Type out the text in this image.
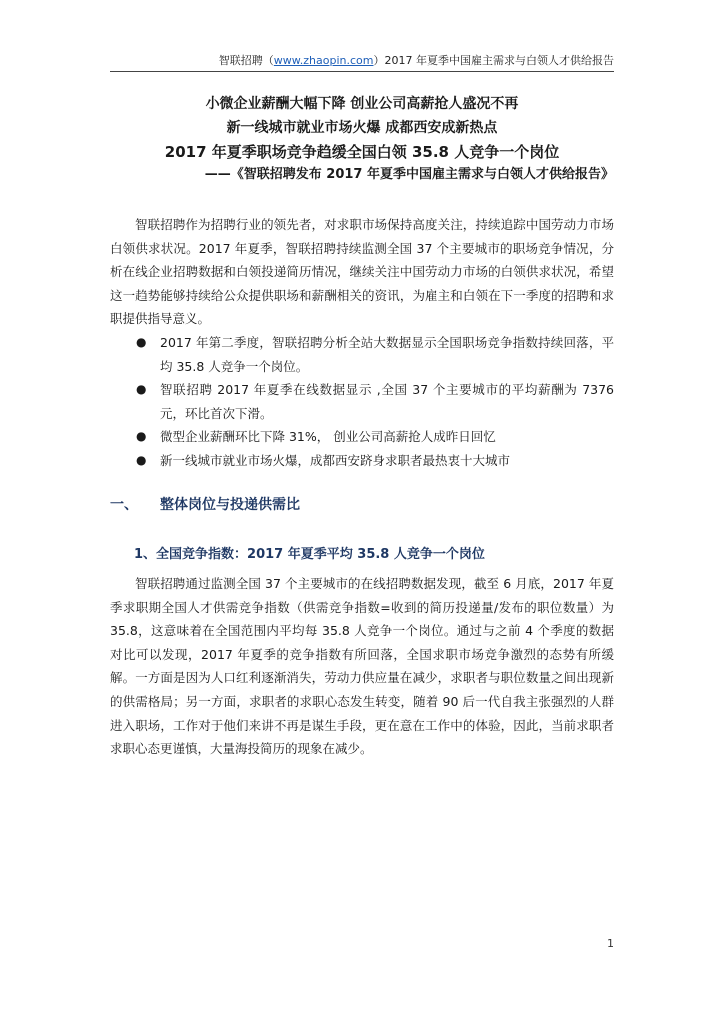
智联招聘（www.zhaopin.com）2017 年夏季中国雇主需求与白领人才供给报告
小微企业薪酬大幅下降 创业公司高薪抢人盛况不再
新一线城市就业市场火爆 成都西安成新热点
2017 年夏季职场竞争趋缓全国白领 35.8 人竞争一个岗位
——《智联招聘发布 2017 年夏季中国雇主需求与白领人才供给报告》

智联招聘作为招聘行业的领先者，对求职市场保持高度关注，持续追踪中国劳动力市场白领供求状况。2017 年夏季，智联招聘持续监测全国 37 个主要城市的职场竞争情况，分析在线企业招聘数据和白领投递简历情况，继续关注中国劳动力市场的白领供求状况，希望这一趋势能够持续给公众提供职场和薪酬相关的资讯，为雇主和白领在下一季度的招聘和求职提供指导意义。

● 2017 年第二季度，智联招聘分析全站大数据显示全国职场竞争指数持续回落，平均 35.8 人竞争一个岗位。
● 智联招聘 2017 年夏季在线数据显示 ,全国 37 个主要城市的平均薪酬为 7376 元，环比首次下滑。
● 微型企业薪酬环比下降 31%， 创业公司高薪抢人成昨日回忆
● 新一线城市就业市场火爆，成都西安跻身求职者最热衷十大城市
一、 整体岗位与投递供需比
1、全国竞争指数：2017 年夏季平均 35.8 人竞争一个岗位

智联招聘通过监测全国 37 个主要城市的在线招聘数据发现，截至 6 月底，2017 年夏季求职期全国人才供需竞争指数（供需竞争指数=收到的简历投递量/发布的职位数量）为 35.8，这意味着在全国范围内平均每 35.8 人竞争一个岗位。通过与之前 4 个季度的数据对比可以发现，2017 年夏季的竞争指数有所回落，全国求职市场竞争激烈的态势有所缓解。一方面是因为人口红利逐渐消失，劳动力供应量在减少，求职者与职位数量之间出现新的供需格局；另一方面，求职者的求职心态发生转变，随着 90 后一代自我主张强烈的人群进入职场，工作对于他们来讲不再是谋生手段，更在意在工作中的体验，因此，当前求职者求职心态更谨慎，大量海投简历的现象在减少。

1
